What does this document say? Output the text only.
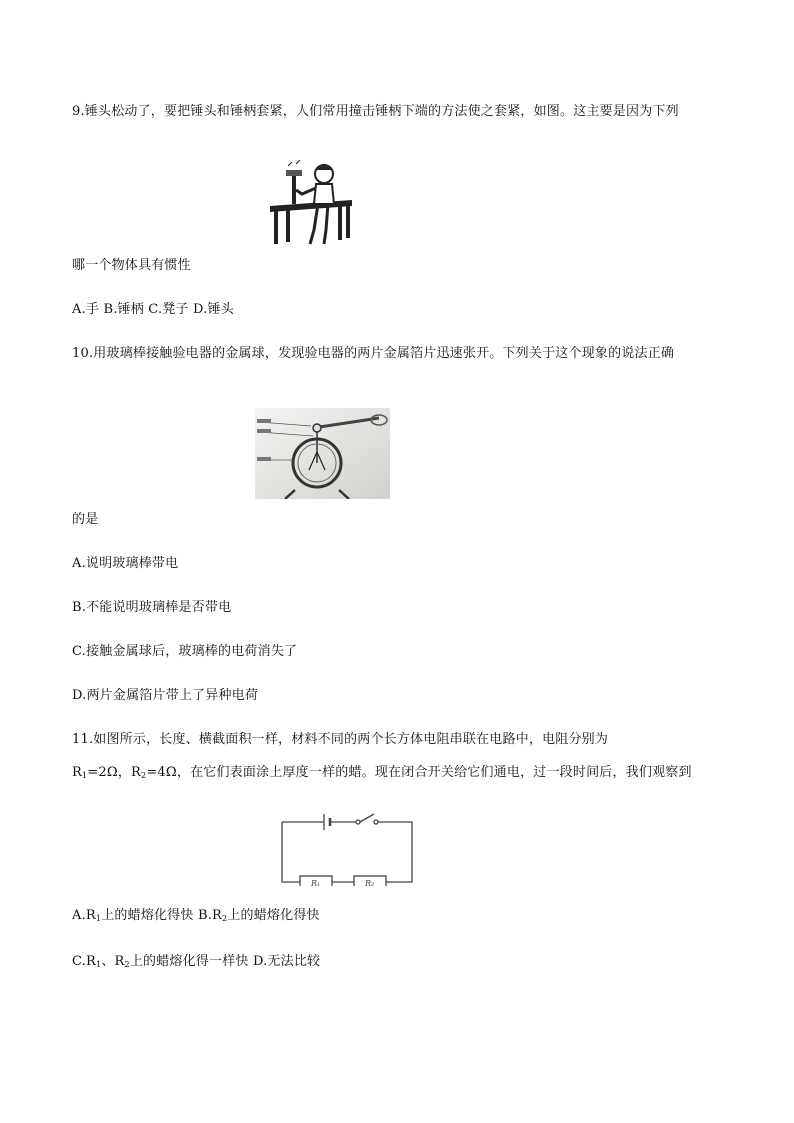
9.锤头松动了，要把锤头和锤柄套紧，人们常用撞击锤柄下端的方法使之套紧，如图。这主要是因为下列
哪一个物体具有惯性
A.手 B.锤柄 C.凳子 D.锤头
10.用玻璃棒接触验电器的金属球，发现验电器的两片金属箔片迅速张开。下列关于这个现象的说法正确
的是
A.说明玻璃棒带电
B.不能说明玻璃棒是否带电
C.接触金属球后，玻璃棒的电荷消失了
D.两片金属箔片带上了异种电荷
11.如图所示，长度、横截面积一样，材料不同的两个长方体电阻串联在电路中，电阻分别为
$R_1=2\Omega$，$R_2=4\Omega$，在它们表面涂上厚度一样的蜡。现在闭合开关给它们通电，过一段时间后，我们观察到
R₁	R₂
$A.R_1$上的蜡熔化得快 $B.R_2$上的蜡熔化得快
$C.R_1$、$R_2$上的蜡熔化得一样快 D.无法比较
